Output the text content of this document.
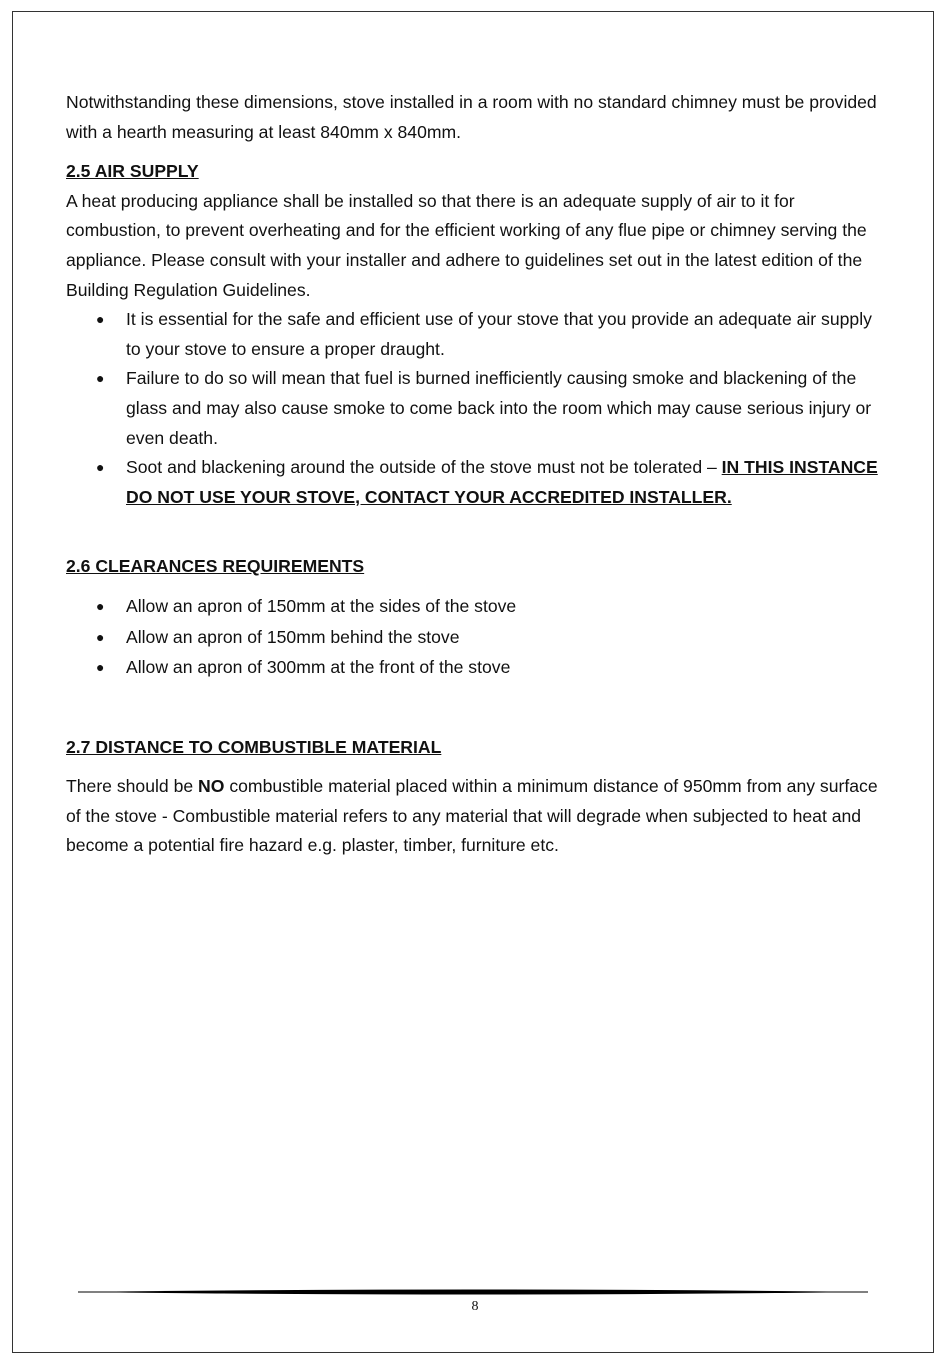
Notwithstanding these dimensions, stove installed in a room with no standard chimney must be provided with a hearth measuring at least 840mm x 840mm.

2.5 AIR SUPPLY

A heat producing appliance shall be installed so that there is an adequate supply of air to it for combustion, to prevent overheating and for the efficient working of any flue pipe or chimney serving the appliance. Please consult with your installer and adhere to guidelines set out in the latest edition of the Building Regulation Guidelines.

● It is essential for the safe and efficient use of your stove that you provide an adequate air supply to your stove to ensure a proper draught.
● Failure to do so will mean that fuel is burned inefficiently causing smoke and blackening of the glass and may also cause smoke to come back into the room which may cause serious injury or even death.
● Soot and blackening around the outside of the stove must not be tolerated – IN THIS INSTANCE DO NOT USE YOUR STOVE, CONTACT YOUR ACCREDITED INSTALLER.

2.6 CLEARANCES REQUIREMENTS

● Allow an apron of 150mm at the sides of the stove
● Allow an apron of 150mm behind the stove
● Allow an apron of 300mm at the front of the stove

2.7 DISTANCE TO COMBUSTIBLE MATERIAL

There should be NO combustible material placed within a minimum distance of 950mm from any surface of the stove - Combustible material refers to any material that will degrade when subjected to heat and become a potential fire hazard e.g. plaster, timber, furniture etc.

8
